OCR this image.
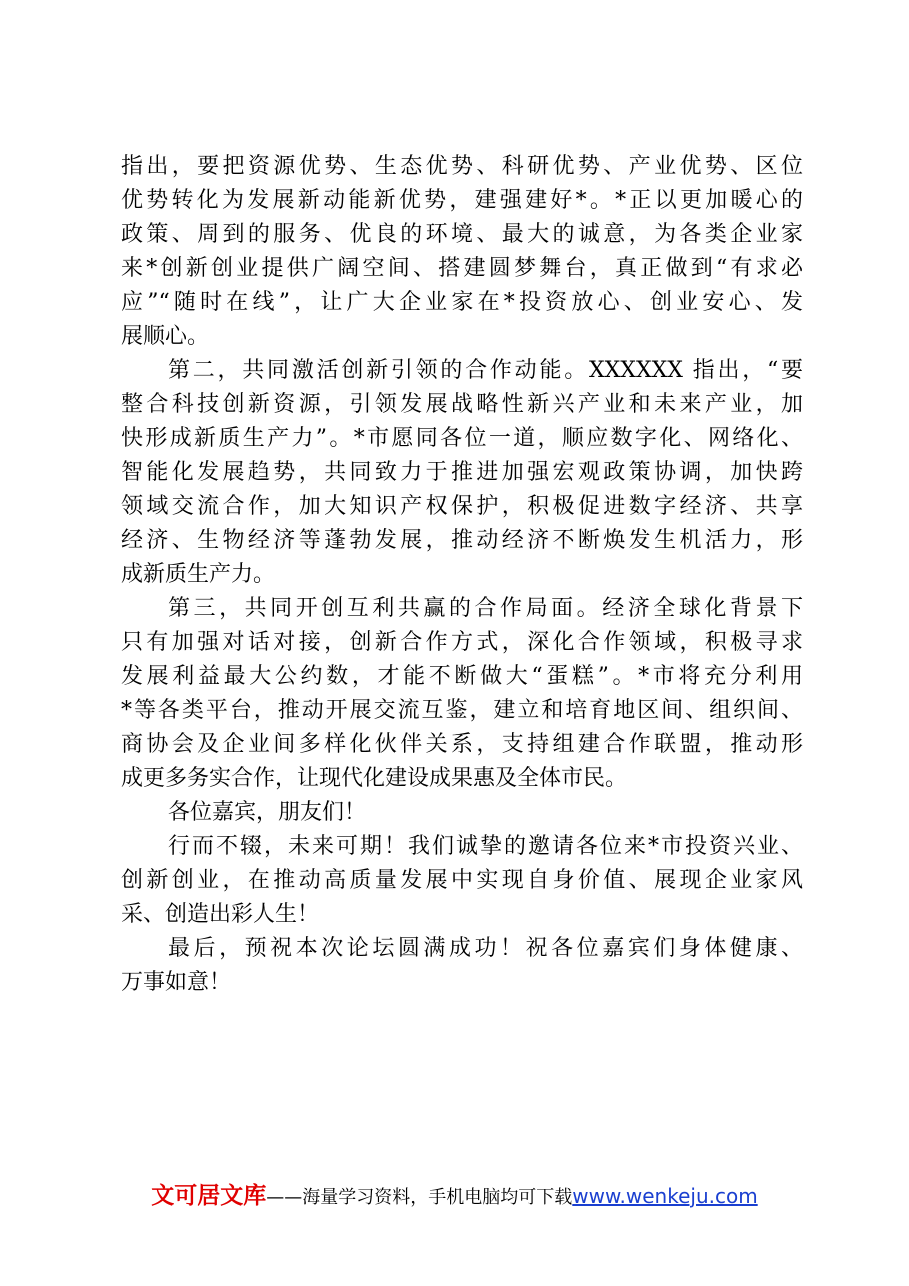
指出，要把资源优势、生态优势、科研优势、产业优势、区位
优势转化为发展新动能新优势，建强建好*。*正以更加暖心的
政策、周到的服务、优良的环境、最大的诚意，为各类企业家
来*创新创业提供广阔空间、搭建圆梦舞台，真正做到“有求必
应”“随时在线”，让广大企业家在*投资放心、创业安心、发
展顺心。
第二，共同激活创新引领的合作动能。XXXXXX 指出，“要
整合科技创新资源，引领发展战略性新兴产业和未来产业，加
快形成新质生产力”。*市愿同各位一道，顺应数字化、网络化、
智能化发展趋势，共同致力于推进加强宏观政策协调，加快跨
领域交流合作，加大知识产权保护，积极促进数字经济、共享
经济、生物经济等蓬勃发展，推动经济不断焕发生机活力，形
成新质生产力。
第三，共同开创互利共赢的合作局面。经济全球化背景下
只有加强对话对接，创新合作方式，深化合作领域，积极寻求
发展利益最大公约数，才能不断做大“蛋糕”。*市将充分利用
*等各类平台，推动开展交流互鉴，建立和培育地区间、组织间、
商协会及企业间多样化伙伴关系，支持组建合作联盟，推动形
成更多务实合作，让现代化建设成果惠及全体市民。
各位嘉宾，朋友们！
行而不辍，未来可期！我们诚挚的邀请各位来*市投资兴业、
创新创业，在推动高质量发展中实现自身价值、展现企业家风
采、创造出彩人生！
最后，预祝本次论坛圆满成功！祝各位嘉宾们身体健康、
万事如意！
文可居文库——海量学习资料，手机电脑均可下载www.wenkeju.com
